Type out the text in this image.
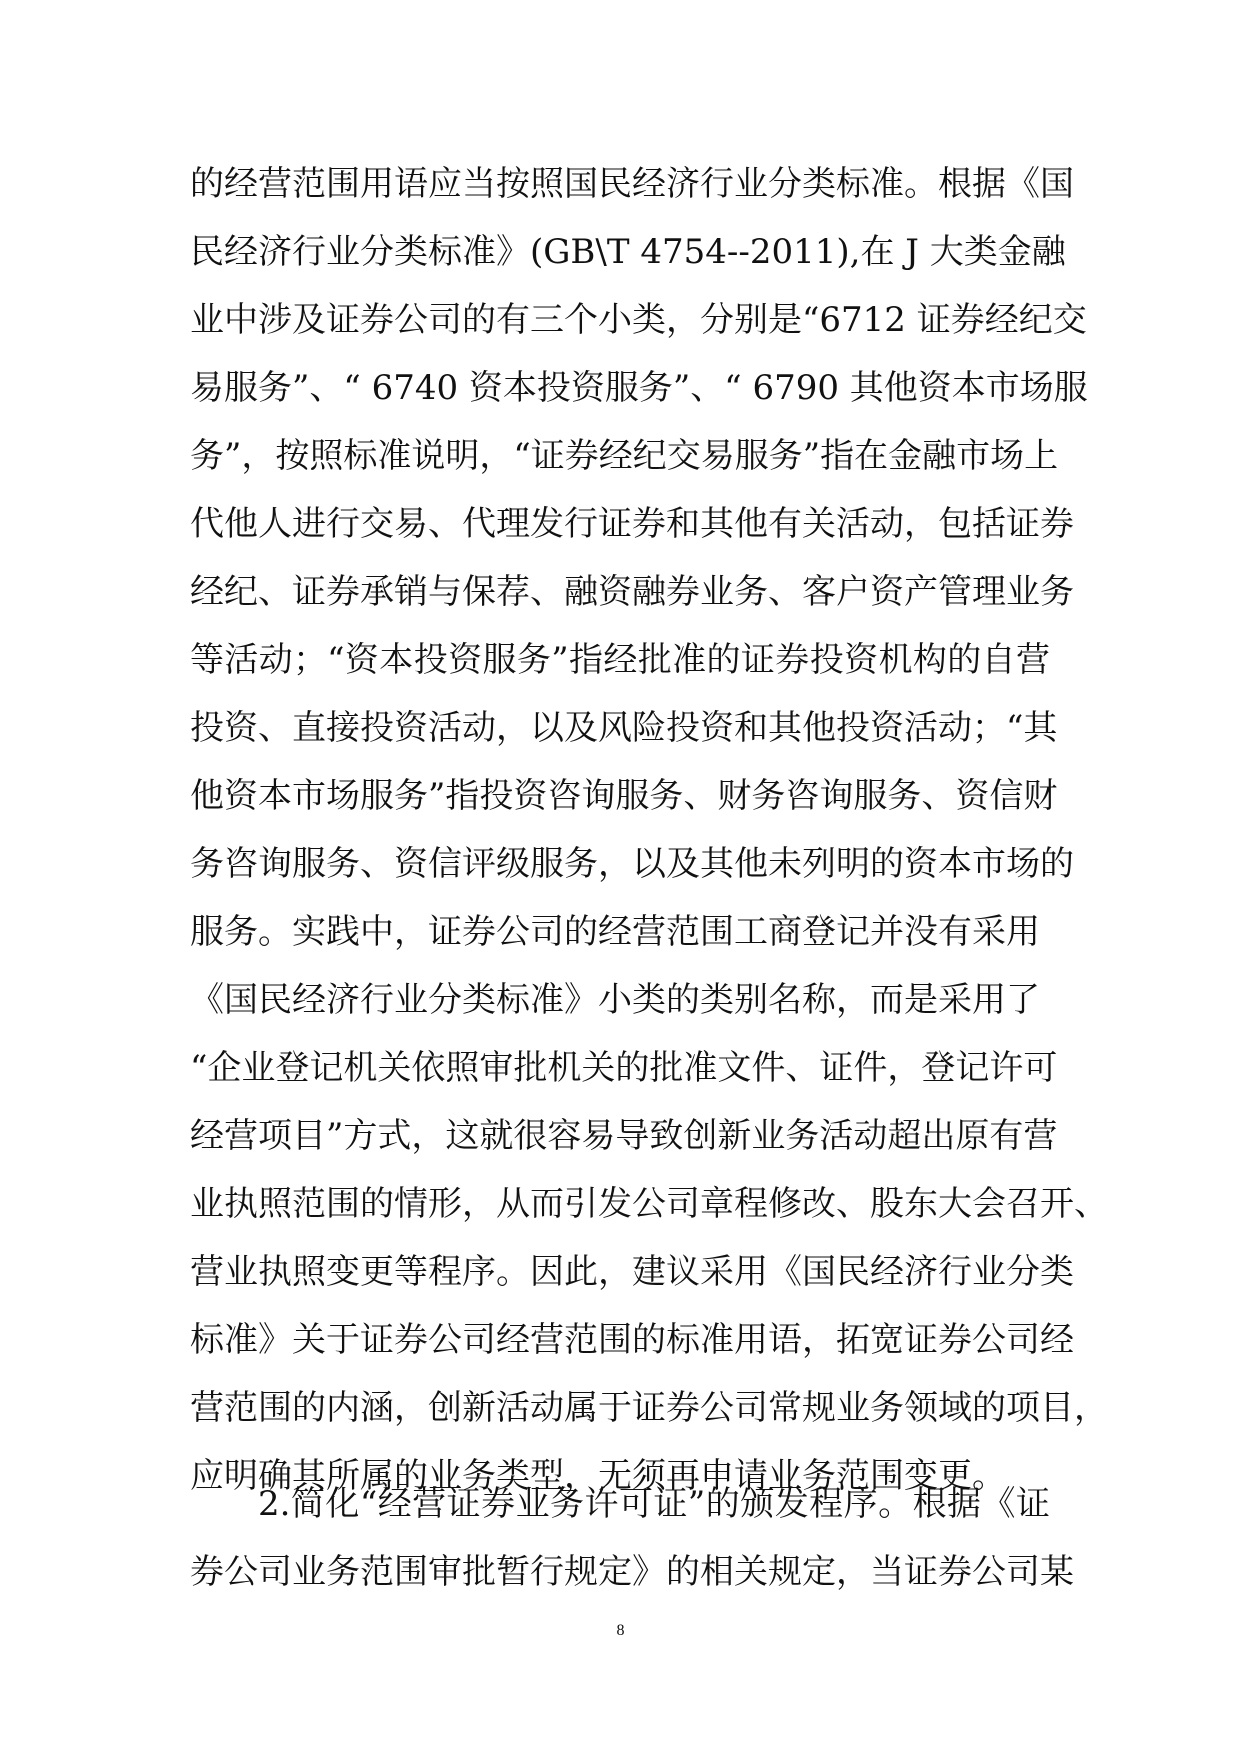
的经营范围用语应当按照国民经济行业分类标准。根据《国
民经济行业分类标准》(GB\T 4754--2011),在 J 大类金融
业中涉及证券公司的有三个小类，分别是“6712 证券经纪交
易服务”、“ 6740 资本投资服务”、“ 6790 其他资本市场服
务”，按照标准说明，“证券经纪交易服务”指在金融市场上
代他人进行交易、代理发行证券和其他有关活动，包括证券
经纪、证券承销与保荐、融资融券业务、客户资产管理业务
等活动；“资本投资服务”指经批准的证券投资机构的自营
投资、直接投资活动，以及风险投资和其他投资活动；“其
他资本市场服务”指投资咨询服务、财务咨询服务、资信财
务咨询服务、资信评级服务，以及其他未列明的资本市场的
服务。实践中，证券公司的经营范围工商登记并没有采用
《国民经济行业分类标准》小类的类别名称，而是采用了
“企业登记机关依照审批机关的批准文件、证件，登记许可
经营项目”方式，这就很容易导致创新业务活动超出原有营
业执照范围的情形，从而引发公司章程修改、股东大会召开、
营业执照变更等程序。因此，建议采用《国民经济行业分类
标准》关于证券公司经营范围的标准用语，拓宽证券公司经
营范围的内涵，创新活动属于证券公司常规业务领域的项目，
应明确其所属的业务类型，无须再申请业务范围变更。
2.简化“经营证券业务许可证”的颁发程序。根据《证
券公司业务范围审批暂行规定》的相关规定，当证券公司某
8
